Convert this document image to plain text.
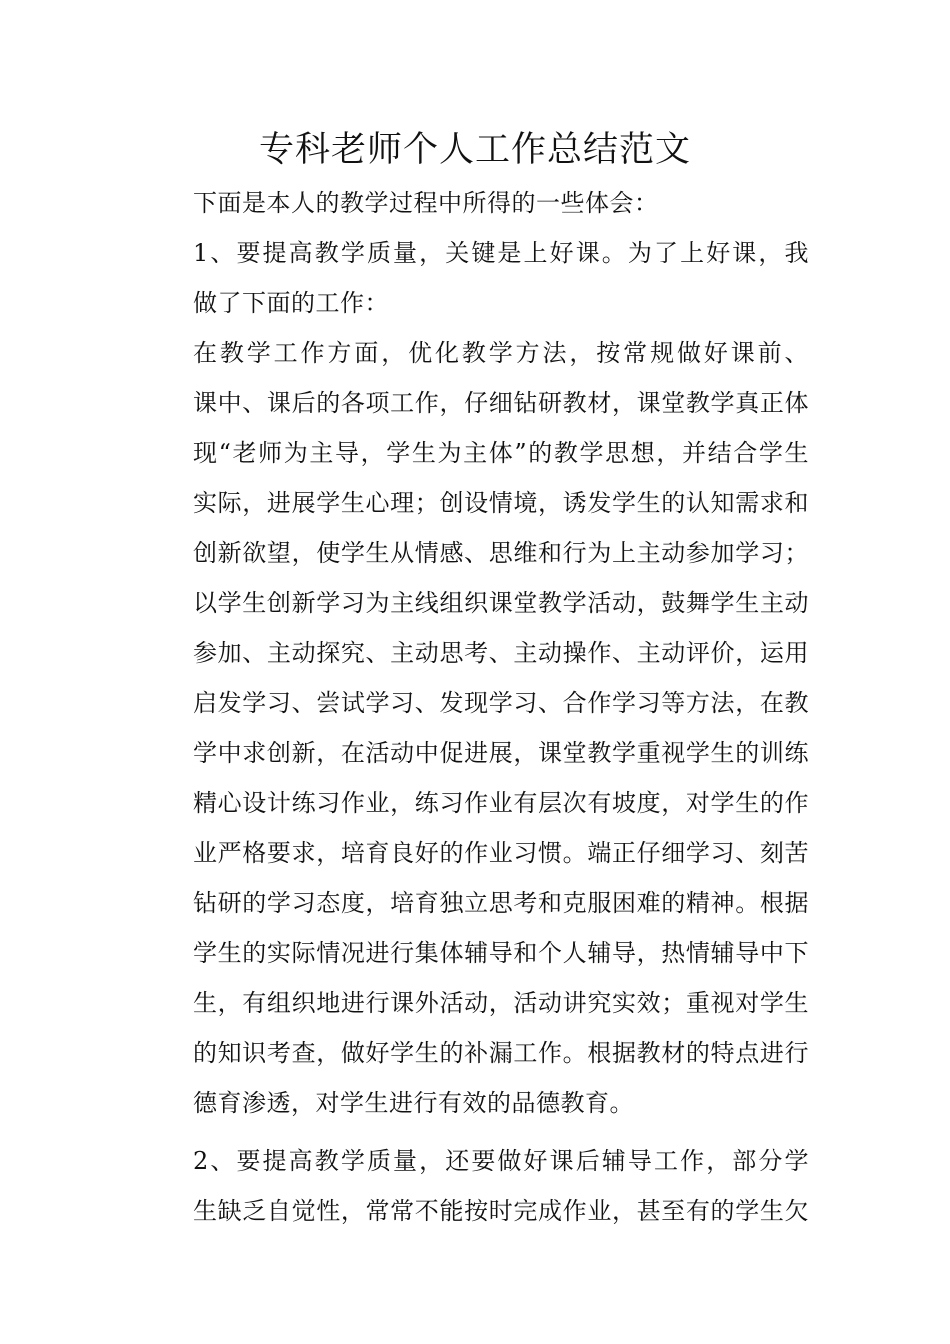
专科老师个人工作总结范文

下面是本人的教学过程中所得的一些体会：

1、要提高教学质量，关键是上好课。为了上好课，我
做了下面的工作：

在教学工作方面，优化教学方法，按常规做好课前、
课中、课后的各项工作，仔细钻研教材，课堂教学真正体
现“老师为主导，学生为主体”的教学思想，并结合学生
实际，进展学生心理；创设情境，诱发学生的认知需求和
创新欲望，使学生从情感、思维和行为上主动参加学习；
以学生创新学习为主线组织课堂教学活动，鼓舞学生主动
参加、主动探究、主动思考、主动操作、主动评价，运用
启发学习、尝试学习、发现学习、合作学习等方法，在教
学中求创新，在活动中促进展，课堂教学重视学生的训练
精心设计练习作业，练习作业有层次有坡度，对学生的作
业严格要求，培育良好的作业习惯。端正仔细学习、刻苦
钻研的学习态度，培育独立思考和克服困难的精神。根据
学生的实际情况进行集体辅导和个人辅导，热情辅导中下
生，有组织地进行课外活动，活动讲究实效；重视对学生
的知识考查，做好学生的补漏工作。根据教材的特点进行
德育渗透，对学生进行有效的品德教育。

2、要提高教学质量，还要做好课后辅导工作，部分学
生缺乏自觉性，常常不能按时完成作业，甚至有的学生欠
